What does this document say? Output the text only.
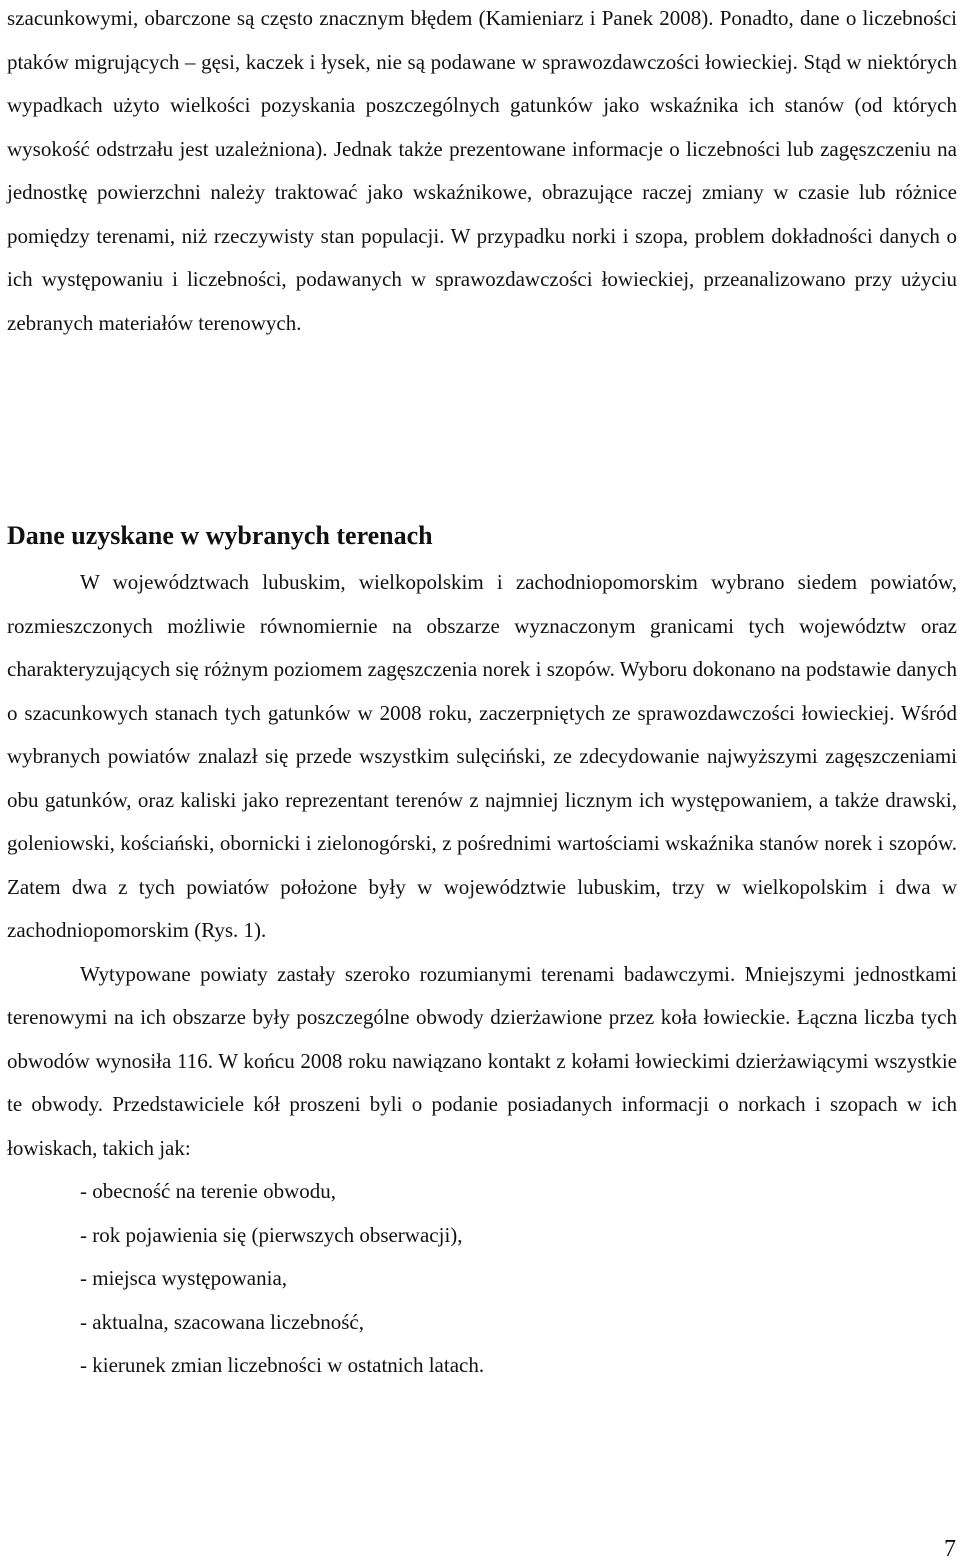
szacunkowymi, obarczone są często znacznym błędem (Kamieniarz i Panek 2008). Ponadto, dane o liczebności ptaków migrujących – gęsi, kaczek i łysek, nie są podawane w sprawozdawczości łowieckiej. Stąd w niektórych wypadkach użyto wielkości pozyskania poszczególnych gatunków jako wskaźnika ich stanów (od których wysokość odstrzału jest uzależniona). Jednak także prezentowane informacje o liczebności lub zagęszczeniu na jednostkę powierzchni należy traktować jako wskaźnikowe, obrazujące raczej zmiany w czasie lub różnice pomiędzy terenami, niż rzeczywisty stan populacji. W przypadku norki i szopa, problem dokładności danych o ich występowaniu i liczebności, podawanych w sprawozdawczości łowieckiej, przeanalizowano przy użyciu zebranych materiałów terenowych.

Dane uzyskane w wybranych terenach

W województwach lubuskim, wielkopolskim i zachodniopomorskim wybrano siedem powiatów, rozmieszczonych możliwie równomiernie na obszarze wyznaczonym granicami tych województw oraz charakteryzujących się różnym poziomem zagęszczenia norek i szopów. Wyboru dokonano na podstawie danych o szacunkowych stanach tych gatunków w 2008 roku, zaczerpniętych ze sprawozdawczości łowieckiej. Wśród wybranych powiatów znalazł się przede wszystkim sulęciński, ze zdecydowanie najwyższymi zagęszczeniami obu gatunków, oraz kaliski jako reprezentant terenów z najmniej licznym ich występowaniem, a także drawski, goleniowski, kościański, obornicki i zielonogórski, z pośrednimi wartościami wskaźnika stanów norek i szopów. Zatem dwa z tych powiatów położone były w województwie lubuskim, trzy w wielkopolskim i dwa w zachodniopomorskim (Rys. 1).

Wytypowane powiaty zastały szeroko rozumianymi terenami badawczymi. Mniejszymi jednostkami terenowymi na ich obszarze były poszczególne obwody dzierżawione przez koła łowieckie. Łączna liczba tych obwodów wynosiła 116. W końcu 2008 roku nawiązano kontakt z kołami łowieckimi dzierżawiącymi wszystkie te obwody. Przedstawiciele kół proszeni byli o podanie posiadanych informacji o norkach i szopach w ich łowiskach, takich jak:

- obecność na terenie obwodu,
- rok pojawienia się (pierwszych obserwacji),
- miejsca występowania,
- aktualna, szacowana liczebność,
- kierunek zmian liczebności w ostatnich latach.
7
